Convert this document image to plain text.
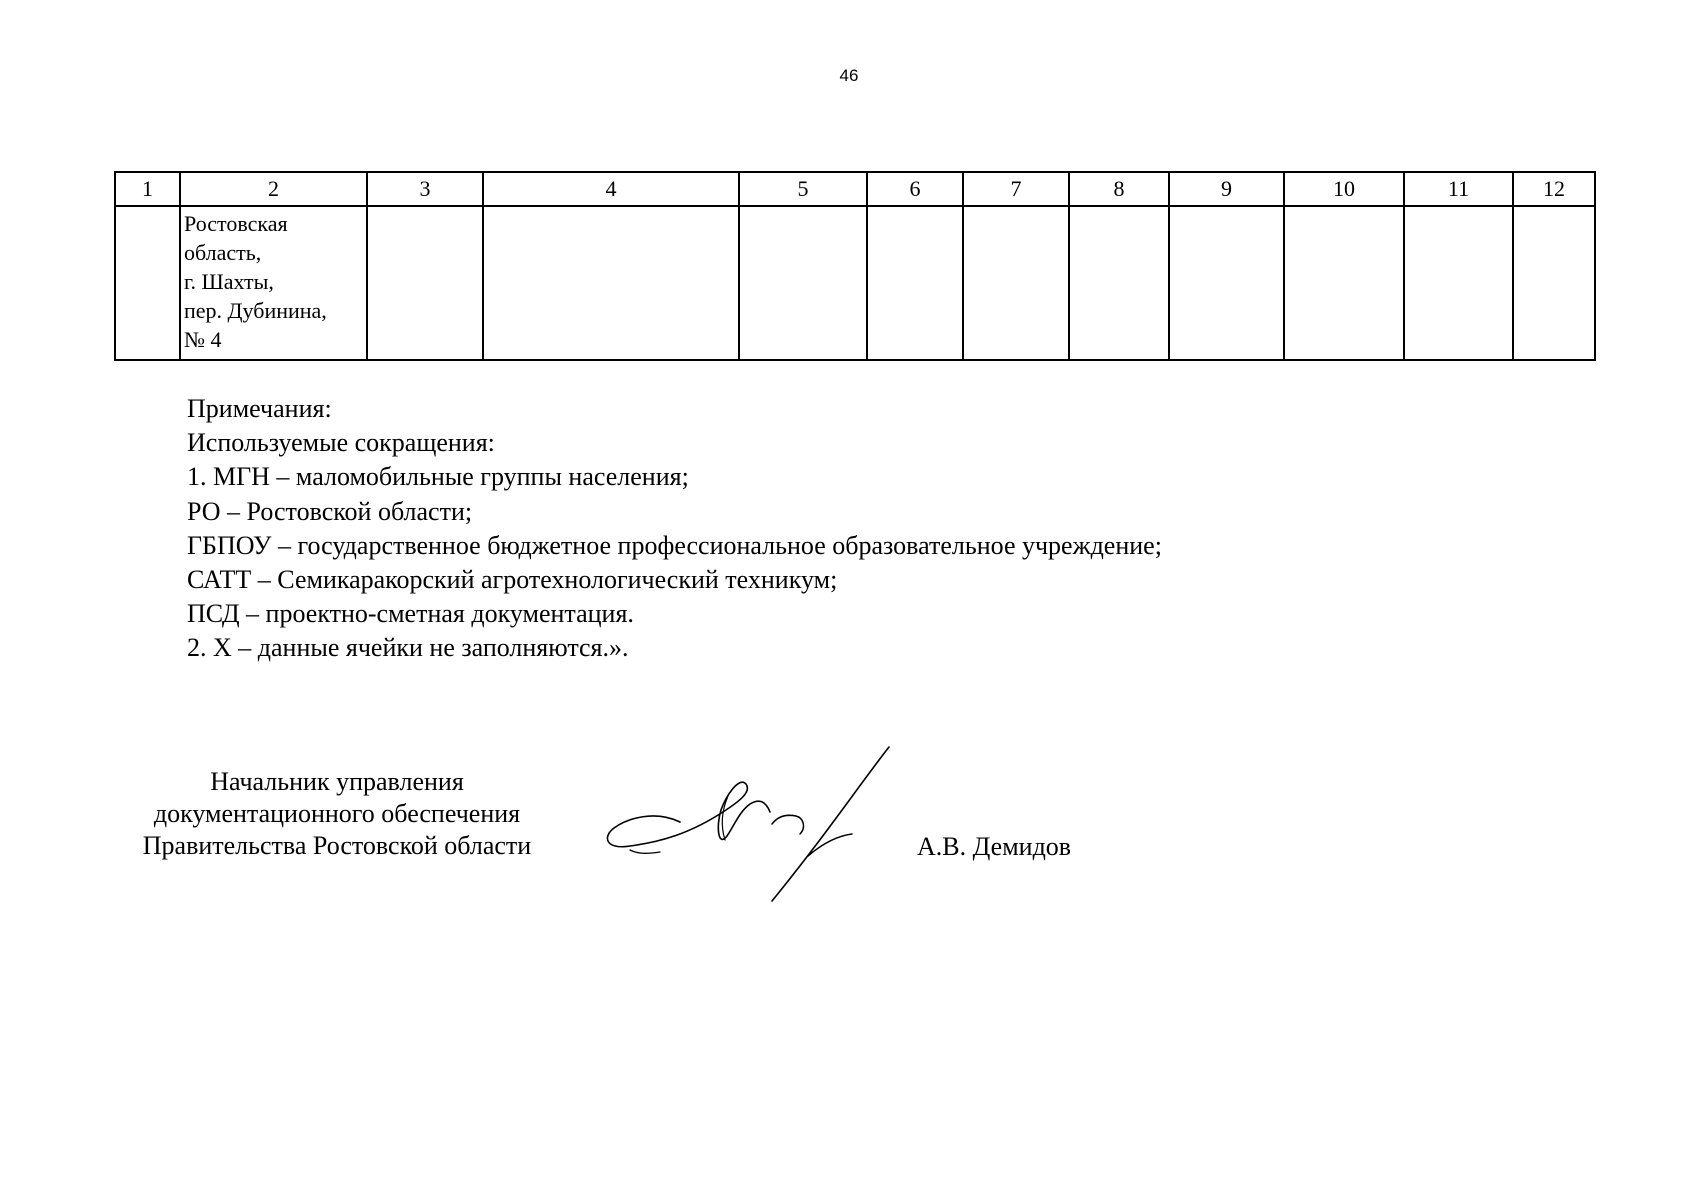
46
1	2	3	4	5	6	7	8	9	10	11	12

	Ростовская
область,
г. Шахты,
пер. Дубинина,
№ 4										

Примечания:
Используемые сокращения:
1. МГН – маломобильные группы населения;
РО – Ростовской области;
ГБПОУ – государственное бюджетное профессиональное образовательное учреждение;
САТТ – Семикаракорский агротехнологический техникум;
ПСД – проектно-сметная документация.
2. Х – данные ячейки не заполняются.».
Начальник управления
документационного обеспечения
Правительства Ростовской области	А.В. Демидов
